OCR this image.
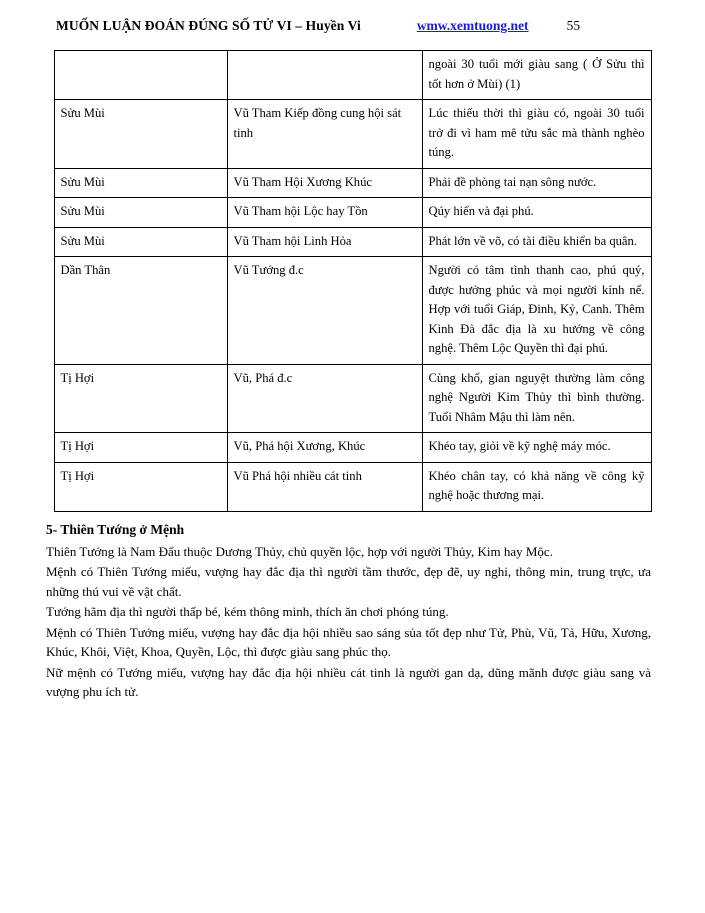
MUỐN LUẬN ĐOÁN ĐÚNG SỐ TỬ VI – Huyền Vi	wmw.xemtuong.net	55
		ngoài 30 tuổi mới giàu sang ( Ở Sửu thì tốt hơn ở Mùi) (1)
Sửu Mùi	Vũ Tham Kiếp đồng cung hội sát tinh	Lúc thiếu thời thì giàu có, ngoài 30 tuổi trở đi vì ham mê tửu sắc mà thành nghèo túng.
Sửu Mùi	Vũ Tham Hội Xương Khúc	Phải đề phòng tai nạn sông nước.
Sửu Mùi	Vũ Tham hội Lộc hay Tồn	Qúy hiển và đại phú.
Sửu Mùi	Vũ Tham hội Linh Hỏa	Phát lớn về võ, có tài điều khiển ba quân.
Dần Thân	Vũ Tướng đ.c	Người có tâm tình thanh cao, phú quý, được hưởng phúc và mọi người kính nể. Hợp với tuổi Giáp, Đinh, Kỷ, Canh. Thêm Kình Đà đắc địa là xu hướng về công nghệ. Thêm Lộc Quyền thì đại phú.
Tị Hợi	Vũ, Phá đ.c	Cùng khổ, gian nguyệt thường làm công nghệ Người Kim Thủy thì bình thường. Tuổi Nhâm Mậu thì làm nên.
Tị Hợi	Vũ, Phá hội Xương, Khúc	Khéo tay, giỏi về kỹ nghệ máy móc.
Tị Hợi	Vũ Phá hội nhiều cát tinh	Khéo chân tay, có khả năng về công kỹ nghệ hoặc thương mại.
5- Thiên Tướng ở Mệnh

Thiên Tướng là Nam Đẩu thuộc Dương Thủy, chủ quyền lộc, hợp với người Thủy, Kim hay Mộc.

Mệnh có Thiên Tướng miếu, vượng hay đắc địa thì người tầm thước, đẹp đẽ, uy nghi, thông min, trung trực, ưa những thú vui về vật chất.

Tướng hãm địa thì người thấp bé, kém thông minh, thích ăn chơi phóng túng.

Mệnh có Thiên Tướng miếu, vượng hay đắc địa hội nhiều sao sáng sủa tốt đẹp như Tử, Phù, Vũ, Tả, Hữu, Xương, Khúc, Khôi, Việt, Khoa, Quyền, Lộc, thì được giàu sang phúc thọ.

Nữ mệnh có Tướng miếu, vượng hay đắc địa hội nhiều cát tinh là người gan dạ, dũng mãnh được giàu sang và vượng phu ích tử.
